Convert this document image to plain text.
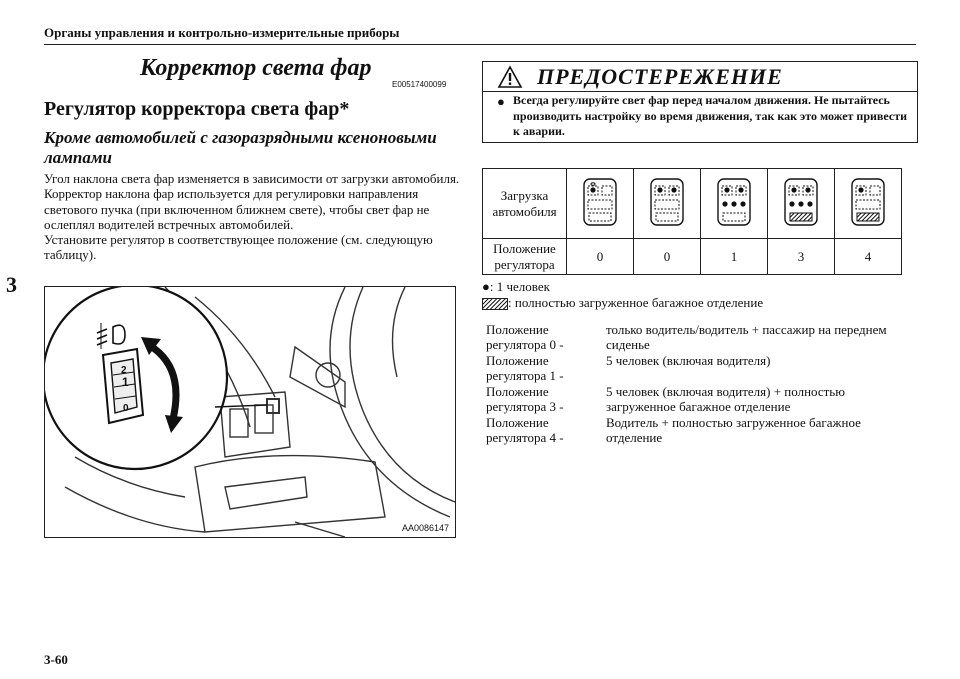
Органы управления и контрольно-измерительные приборы
3
Корректор света фар
E00517400099
Регулятор корректора света фар*
Кроме автомобилей с газоразрядными ксеноновыми лампами

Угол наклона света фар изменяется в зависимости от загрузки автомобиля.

Корректор наклона фар используется для регулировки направления светового пучка (при включенном ближнем свете), чтобы свет фар не ослеплял водителей встречных автомобилей.

Установите регулятор в соответствующее положение (см. следующую таблицу).

2
1
0
AA0086147
ПРЕДОСТЕРЕЖЕНИЕ
● Всегда регулируйте свет фар перед началом движения. Не пытайтесь производить настройку во время движения, так как это может привести к аварии.
Загрузка автомобиля					
Положение регулятора	0	0	1	3	4
●: 1 человек
: полностью загруженное багажное отделение
Положение регулятора 0 -
только водитель/водитель + пассажир на переднем сиденье
Положение регулятора 1 -
5 человек (включая водителя)
Положение регулятора 3 -
5 человек (включая водителя) + полностью загруженное багажное отделение
Положение регулятора 4 -
Водитель + полностью загруженное багажное отделение
3-60
